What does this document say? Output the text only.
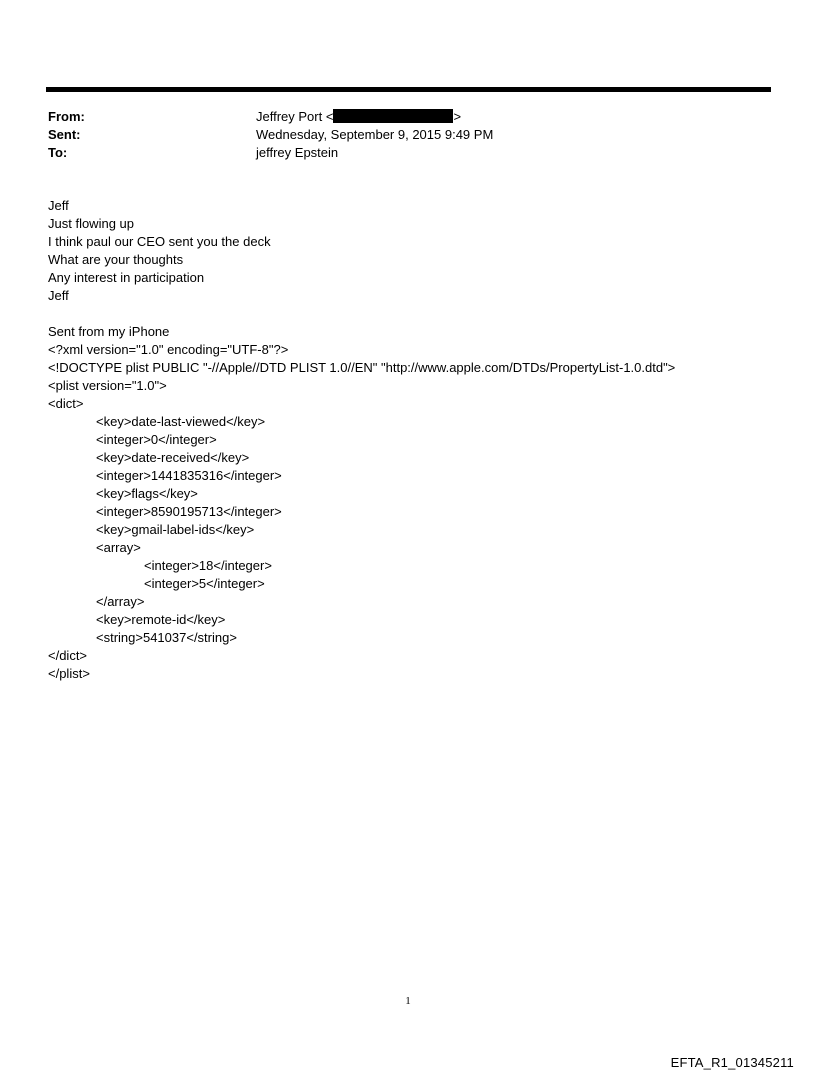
From:	Jeffrey Port <	>
Sent:	Wednesday, September 9, 2015 9:49 PM
To:	jeffrey Epstein
Jeff
Just flowing up
I think paul our CEO sent you the deck
What are your thoughts
Any interest in participation
Jeff
Sent from my iPhone
<?xml version="1.0" encoding="UTF-8"?>
<!DOCTYPE plist PUBLIC "-//Apple//DTD PLIST 1.0//EN" "http://www.apple.com/DTDs/PropertyList-1.0.dtd">
<plist version="1.0">
<dict>
<key>date-last-viewed</key>
<integer>0</integer>
<key>date-received</key>
<integer>1441835316</integer>
<key>flags</key>
<integer>8590195713</integer>
<key>gmail-label-ids</key>
<array>
<integer>18</integer>
<integer>5</integer>
</array>
<key>remote-id</key>
<string>541037</string>
</dict>
</plist>
1
EFTA_R1_01345211
